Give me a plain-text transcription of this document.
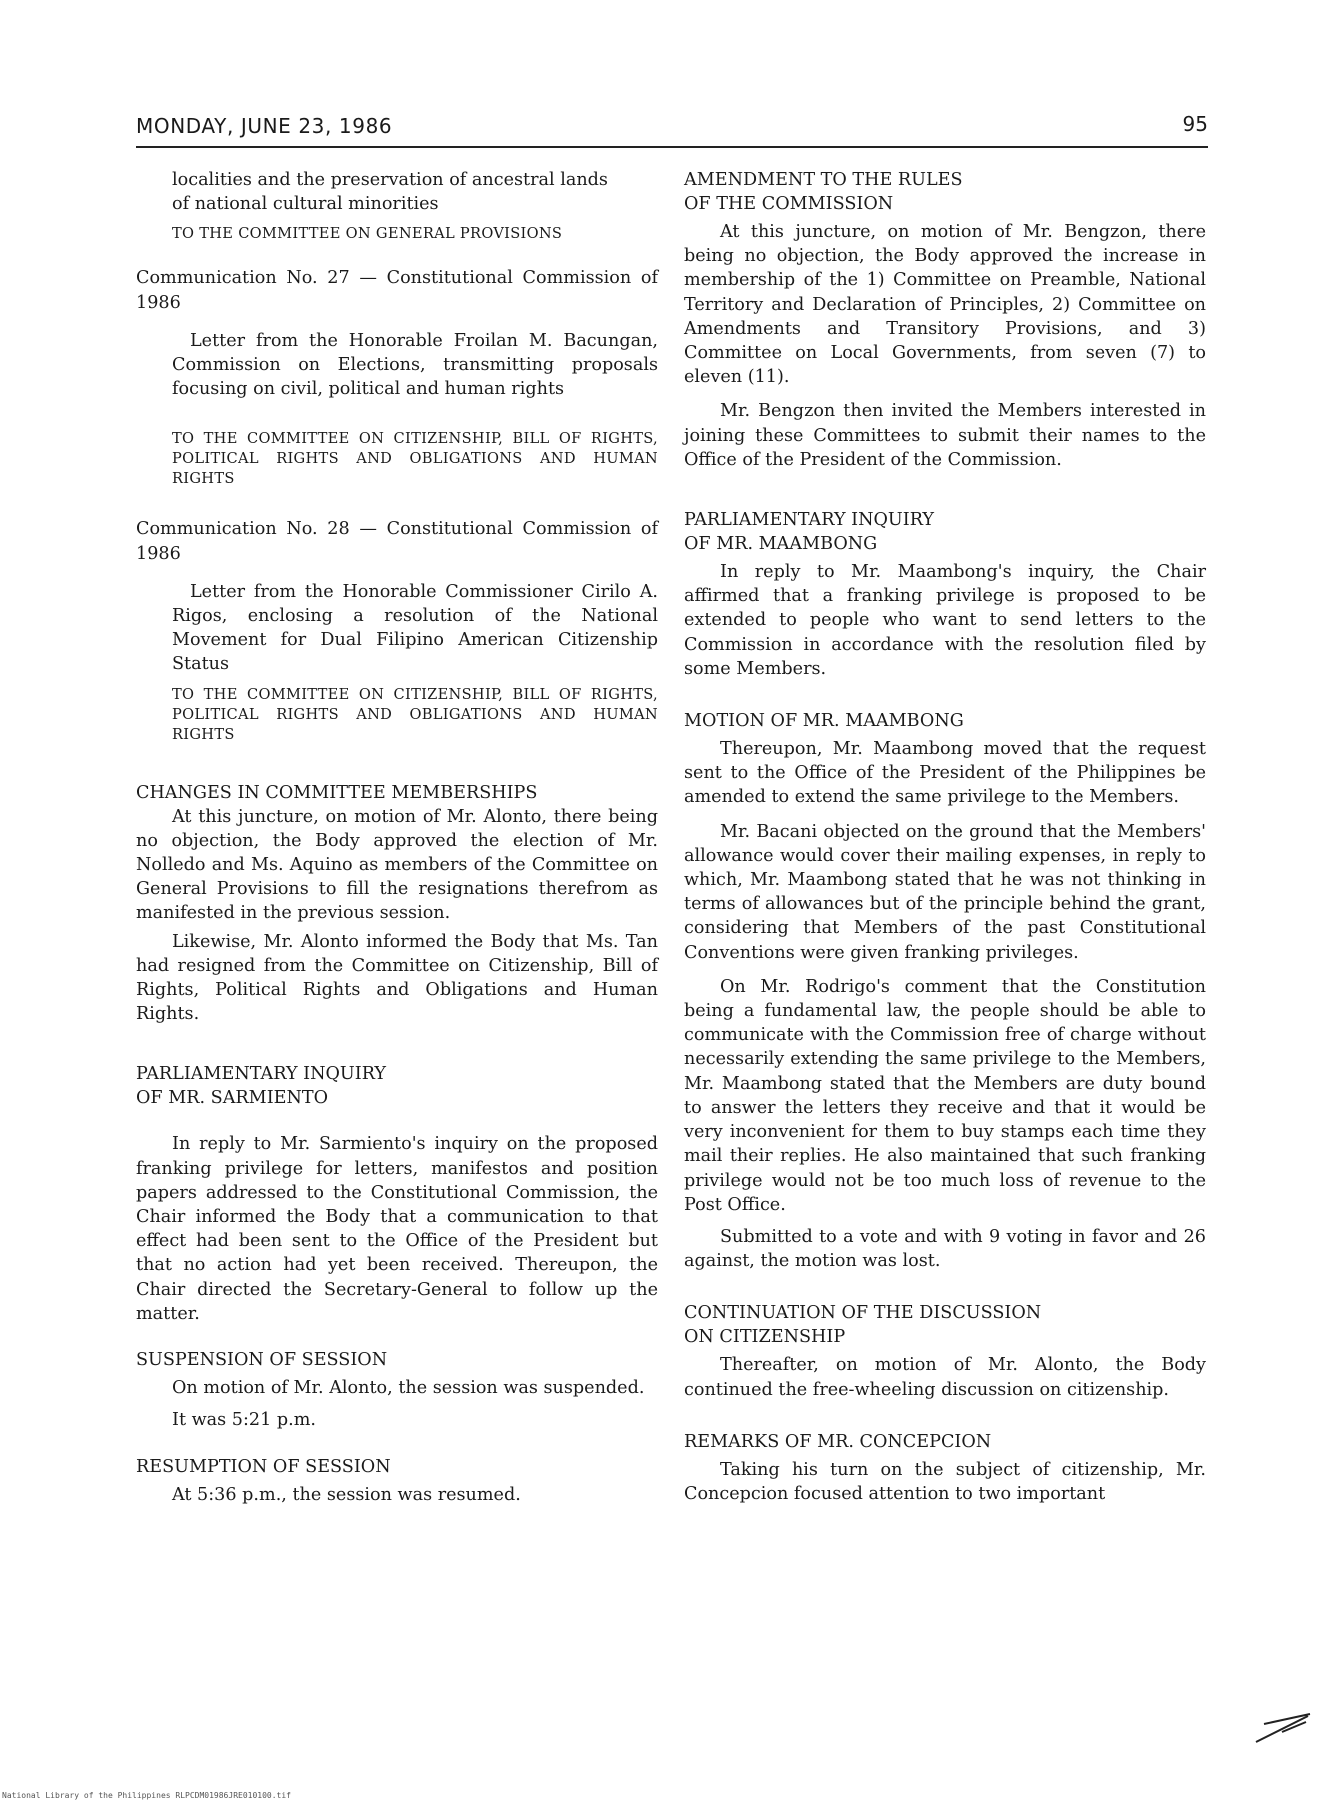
MONDAY, JUNE 23, 1986	95

localities and the preservation of ancestral lands

of national cultural minorities

TO THE COMMITTEE ON GENERAL PROVISIONS

Communication No. 27 — Constitutional Commission of 1986

Letter from the Honorable Froilan M. Bacungan, Commission on Elections, transmitting proposals focusing on civil, political and human rights

TO THE COMMITTEE ON CITIZENSHIP, BILL OF RIGHTS, POLITICAL RIGHTS AND OBLIGATIONS AND HUMAN RIGHTS

Communication No. 28 — Constitutional Commission of 1986

Letter from the Honorable Commissioner Cirilo A. Rigos, enclosing a resolution of the National Movement for Dual Filipino American Citizenship Status

TO THE COMMITTEE ON CITIZENSHIP, BILL OF RIGHTS, POLITICAL RIGHTS AND OBLIGATIONS AND HUMAN RIGHTS

CHANGES IN COMMITTEE MEMBERSHIPS

At this juncture, on motion of Mr. Alonto, there being no objection, the Body approved the election of Mr. Nolledo and Ms. Aquino as members of the Committee on General Provisions to fill the resignations therefrom as manifested in the previous session.

Likewise, Mr. Alonto informed the Body that Ms. Tan had resigned from the Committee on Citizenship, Bill of Rights, Political Rights and Obligations and Human Rights.

PARLIAMENTARY INQUIRY
OF MR. SARMIENTO

In reply to Mr. Sarmiento's inquiry on the proposed franking privilege for letters, manifestos and position papers addressed to the Constitutional Commission, the Chair informed the Body that a communication to that effect had been sent to the Office of the President but that no action had yet been received. Thereupon, the Chair directed the Secretary-General to follow up the matter.

SUSPENSION OF SESSION

On motion of Mr. Alonto, the session was suspended.

It was 5:21 p.m.

RESUMPTION OF SESSION

At 5:36 p.m., the session was resumed.

AMENDMENT TO THE RULES
OF THE COMMISSION

At this juncture, on motion of Mr. Bengzon, there being no objection, the Body approved the increase in membership of the 1) Committee on Preamble, National Territory and Declaration of Principles, 2) Committee on Amendments and Transitory Provisions, and 3) Committee on Local Governments, from seven (7) to eleven (11).

Mr. Bengzon then invited the Members interested in joining these Committees to submit their names to the Office of the President of the Commission.

PARLIAMENTARY INQUIRY
OF MR. MAAMBONG

In reply to Mr. Maambong's inquiry, the Chair affirmed that a franking privilege is proposed to be extended to people who want to send letters to the Commission in accordance with the resolution filed by some Members.

MOTION OF MR. MAAMBONG

Thereupon, Mr. Maambong moved that the request sent to the Office of the President of the Philippines be amended to extend the same privilege to the Members.

Mr. Bacani objected on the ground that the Members' allowance would cover their mailing expenses, in reply to which, Mr. Maambong stated that he was not thinking in terms of allowances but of the principle behind the grant, considering that Members of the past Constitutional Conventions were given franking privileges.

On Mr. Rodrigo's comment that the Constitution being a fundamental law, the people should be able to communicate with the Commission free of charge without necessarily extending the same privilege to the Members, Mr. Maambong stated that the Members are duty bound to answer the letters they receive and that it would be very inconvenient for them to buy stamps each time they mail their replies. He also maintained that such franking privilege would not be too much loss of revenue to the Post Office.

Submitted to a vote and with 9 voting in favor and 26 against, the motion was lost.

CONTINUATION OF THE DISCUSSION
ON CITIZENSHIP

Thereafter, on motion of Mr. Alonto, the Body continued the free-wheeling discussion on citizenship.

REMARKS OF MR. CONCEPCION

Taking his turn on the subject of citizenship, Mr. Concepcion focused attention to two important

National Library of the Philippines RLPCDM01986JRE010100.tif
